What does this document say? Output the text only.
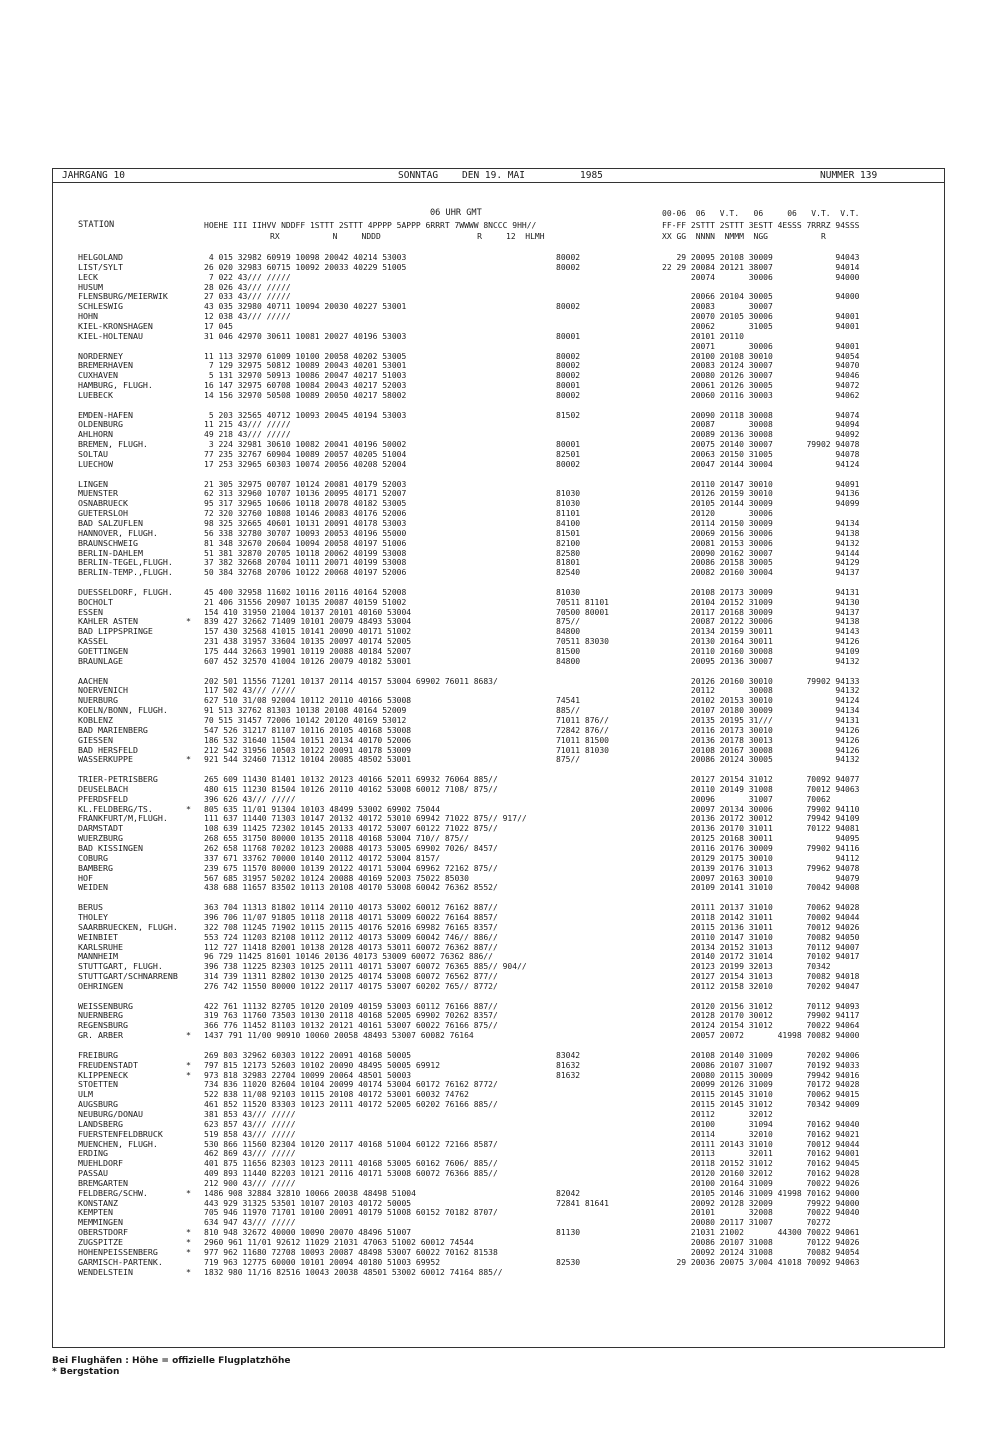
JAHRGANG 10	SONNTAG	DEN 19. MAI	1985	NUMMER 139
06 UHR GMT
STATION	HOEHE III IIHVV NDDFF 1STTT 2STTT 4PPPP 5APPP 6RRRT 7WWWW 8NCCC 9HH//
RX           N     NDDD                    R     12  HLMH
00-06  06   V.T.   06     06   V.T.  V.T.
FF-FF 2STTT 2STTT 3ESTT 4ESSS 7RRRZ 94SSS
XX GG  NNNN  NMMM  NGG           R
HELGOLAND	4 015 32982 60919 10098 20042 40214 53003	80002	29 20095 20108 30009             94043
LIST/SYLT	26 020 32983 60715 10092 20033 40229 51005	80002	22 29 20084 20121 38007             94014
LECK	7 022 43/// /////	20074       30006             94000
HUSUM	28 026 43/// /////
FLENSBURG/MEIERWIK	27 033 43/// /////	20066 20104 30005             94000
SCHLESWIG	43 035 32980 40711 10094 20030 40227 53001	80002	20083       30007
HOHN	12 038 43/// /////	20070 20105 30006             94001
KIEL-KRONSHAGEN	17 045	20062       31005             94001
KIEL-HOLTENAU	31 046 42970 30611 10081 20027 40196 53003	80001	20101 20110
20071       30006             94001
NORDERNEY	11 113 32970 61009 10100 20058 40202 53005	80002	20100 20108 30010             94054
BREMERHAVEN	7 129 32975 50812 10089 20043 40201 53001	80002	20083 20124 30007             94070
CUXHAVEN	5 131 32970 50913 10086 20047 40217 51003	80002	20080 20126 30007             94046
HAMBURG, FLUGH.	16 147 32975 60708 10084 20043 40217 52003	80001	20061 20126 30005             94072
LUEBECK	14 156 32970 50508 10089 20050 40217 58002	80002	20060 20116 30003             94062
EMDEN-HAFEN	5 203 32565 40712 10093 20045 40194 53003	81502	20090 20118 30008             94074
OLDENBURG	11 215 43/// /////	20087       30008             94094
AHLHORN	49 218 43/// /////	20089 20136 30008             94092
BREMEN, FLUGH.	3 224 32981 30610 10082 20041 40196 50002	80001	20075 20140 30007       79902 94078
SOLTAU	77 235 32767 60904 10089 20057 40205 51004	82501	20063 20150 31005             94078
LUECHOW	17 253 32965 60303 10074 20056 40208 52004	80002	20047 20144 30004             94124
LINGEN	21 305 32975 00707 10124 20081 40179 52003	20110 20147 30010             94091
MUENSTER	62 313 32960 10707 10136 20095 40171 52007	81030	20126 20159 30010             94136
OSNABRUECK	95 317 32965 10606 10118 20078 40182 53005	81030	20105 20144 30009             94099
GUETERSLOH	72 320 32760 10808 10146 20083 40176 52006	81101	20120       30006
BAD SALZUFLEN	98 325 32665 40601 10131 20091 40178 53003	84100	20114 20150 30009             94134
HANNOVER, FLUGH.	56 338 32780 30707 10093 20053 40196 55000	81501	20069 20156 30006             94138
BRAUNSCHWEIG	81 348 32670 20604 10094 20058 40197 51006	82100	20081 20153 30006             94132
BERLIN-DAHLEM	51 381 32870 20705 10118 20062 40199 53008	82580	20090 20162 30007             94144
BERLIN-TEGEL,FLUGH.	37 382 32668 20704 10111 20071 40199 53008	81801	20086 20158 30005             94129
BERLIN-TEMP.,FLUGH.	50 384 32768 20706 10122 20068 40197 52006	82540	20082 20160 30004             94137
DUESSELDORF, FLUGH.	45 400 32958 11602 10116 20116 40164 52008	81030	20108 20173 30009             94131
BOCHOLT	21 406 31556 20907 10135 20087 40159 51002	70511 81101	20104 20152 31009             94130
ESSEN	154 410 31950 21004 10137 20101 40160 53004	70500 80001	20117 20168 30009             94137
KAHLER ASTEN	* 839 427 32662 71409 10101 20079 48493 53004	875//	20087 20122 30006             94138
BAD LIPPSPRINGE	157 430 32568 41015 10141 20090 40171 51002	84800	20134 20159 30011             94143
KASSEL	231 438 31957 33604 10135 20097 40174 52005	70511 83030	20130 20164 30011             94126
GOETTINGEN	175 444 32663 19901 10119 20088 40184 52007	81500	20110 20160 30008             94109
BRAUNLAGE	607 452 32570 41004 10126 20079 40182 53001	84800	20095 20136 30007             94132
AACHEN	202 501 11556 71201 10137 20114 40157 53004 69902 76011 8683/	20126 20160 30010       79902 94133
NOERVENICH	117 502 43/// /////	20112       30008             94132
NUERBURG	627 510 31/08 92004 10112 20110 40166 53008	74541	20102 20153 30010             94124
KOELN/BONN, FLUGH.	91 513 32762 81303 10138 20108 40164 52009	885//	20107 20180 30009             94134
KOBLENZ	70 515 31457 72006 10142 20120 40169 53012	71011 876//	20135 20195 31///             94131
BAD MARIENBERG	547 526 31217 81107 10116 20105 40168 53008	72842 876//	20116 20173 30010             94126
GIESSEN	186 532 31640 11504 10151 20134 40170 52006	71011 81500	20136 20178 30013             94126
BAD HERSFELD	212 542 31956 10503 10122 20091 40178 53009	71011 81030	20108 20167 30008             94126
WASSERKUPPE	* 921 544 32460 71312 10104 20085 48502 53001	875//	20086 20124 30005             94132
TRIER-PETRISBERG	265 609 11430 81401 10132 20123 40166 52011 69932 76064 885//	20127 20154 31012       70092 94077
DEUSELBACH	480 615 11230 81504 10126 20110 40162 53008 60012 7108/ 875//	20110 20149 31008       70012 94063
PFERDSFELD	396 626 43/// /////	20096       31007       70062
KL.FELDBERG/TS.	* 805 635 11/01 91304 10103 48499 53002 69902 75044	20097 20134 30006       79902 94110
FRANKFURT/M,FLUGH.	111 637 11440 71303 10147 20132 40172 53010 69942 71022 875// 917//	20136 20172 30012       79942 94109
DARMSTADT	108 639 11425 72302 10145 20133 40172 53007 60122 71022 875//	20136 20170 31011       70122 94081
WUERZBURG	268 655 31750 80000 10135 20118 40168 53004 710// 875//	20125 20168 30011             94095
BAD KISSINGEN	262 658 11768 70202 10123 20088 40173 53005 69902 7026/ 8457/	20116 20176 30009       79902 94116
COBURG	337 671 33762 70000 10140 20112 40172 53004 8157/	20129 20175 30010             94112
BAMBERG	239 675 11570 80000 10139 20122 40171 53004 69962 72162 875//	20139 20176 31013       79962 94078
HOF	567 685 31957 50202 10124 20088 40169 52003 75022 85030	20097 20163 30010             94079
WEIDEN	438 688 11657 83502 10113 20108 40170 53008 60042 76362 8552/	20109 20141 31010       70042 94008
BERUS	363 704 11313 81802 10114 20110 40173 53002 60012 76162 887//	20111 20137 31010       70062 94028
THOLEY	396 706 11/07 91805 10118 20118 40171 53009 60022 76164 8857/	20118 20142 31011       70002 94044
SAARBRUECKEN, FLUGH.	322 708 11245 71902 10115 20115 40176 52016 69982 76165 8357/	20115 20136 31011       70012 94026
WEINBIET	553 724 11203 82108 10112 20112 40173 53009 60042 746// 886//	20110 20147 31010       70082 94050
KARLSRUHE	112 727 11418 82001 10138 20128 40173 53011 60072 76362 887//	20134 20152 31013       70112 94007
MANNHEIM	96 729 11425 81601 10146 20136 40173 53009 60072 76362 886//	20140 20172 31014       70102 94017
STUTTGART, FLUGH.	396 738 11225 82303 10125 20111 40171 53007 60072 76365 885// 904//	20123 20199 32013       70342
STUTTGART/SCHNARRENB	314 739 11311 82802 10130 20125 40174 53008 60072 76562 877//	20127 20154 31013       70082 94018
OEHRINGEN	276 742 11550 80000 10122 20117 40175 53007 60202 765// 8772/	20112 20158 32010       70202 94047
WEISSENBURG	422 761 11132 82705 10120 20109 40159 53003 60112 76166 887//	20120 20156 31012       70112 94093
NUERNBERG	319 763 11760 73503 10130 20118 40168 52005 69902 70262 8357/	20128 20170 30012       79902 94117
REGENSBURG	366 776 11452 81103 10132 20121 40161 53007 60022 76166 875//	20124 20154 31012       70022 94064
GR. ARBER	* 1437 791 11/00 90910 10060 20058 48493 53007 60082 76164	20057 20072       41998 70082 94000
FREIBURG	269 803 32962 60303 10122 20091 40168 50005	83042	20108 20140 31009       70202 94006
FREUDENSTADT	* 797 815 12173 52603 10102 20090 48495 50005 69912	81632	20086 20107 31007       70192 94033
KLIPPENECK	* 973 818 32983 22704 10099 20064 48501 50003	81632	20080 20115 30009       79942 94016
STOETTEN	734 836 11020 82604 10104 20099 40174 53004 60172 76162 8772/	20099 20126 31009       70172 94028
ULM	522 838 11/08 92103 10115 20108 40172 53001 60032 74762	20115 20145 31010       70062 94015
AUGSBURG	461 852 11520 83303 10123 20111 40172 52005 60202 76166 885//	20115 20145 31012       70342 94009
NEUBURG/DONAU	381 853 43/// /////	20112       32012
LANDSBERG	623 857 43/// /////	20100       31094       70162 94040
FUERSTENFELDBRUCK	519 858 43/// /////	20114       32010       70162 94021
MUENCHEN, FLUGH.	530 866 11560 82304 10120 20117 40168 51004 60122 72166 8587/	20111 20143 31010       70012 94044
ERDING	462 869 43/// /////	20113       32011       70162 94001
MUEHLDORF	401 875 11656 82303 10123 20111 40168 53005 60162 7606/ 885//	20118 20152 31012       70162 94045
PASSAU	409 893 11440 82203 10121 20116 40171 53008 60072 76366 885//	20120 20160 32012       70162 94028
BREMGARTEN	212 900 43/// /////	20100 20164 31009       70022 94026
FELDBERG/SCHW.	* 1486 908 32884 32810 10066 20038 48498 51004	82042	20105 20146 31009 41998 70162 94000
KONSTANZ	443 929 31325 53501 10107 20103 40172 50005	72841 81641	20092 20128 32009       79922 94000
KEMPTEN	705 946 11970 71701 10100 20091 40179 51008 60152 70182 8707/	20101       32008       70022 94040
MEMMINGEN	634 947 43/// /////	20080 20117 31007       70272
OBERSTDORF	* 810 948 32672 40000 10090 20070 48496 51007	81130	21031 21002       44300 70022 94061
ZUGSPITZE	* 2960 961 11/01 92612 11029 21031 47063 51002 60012 74544	20086 20107 31008       70122 94026
HOHENPEISSENBERG	* 977 962 11680 72708 10093 20087 48498 53007 60022 70162 81538	20092 20124 31008       70082 94054
GARMISCH-PARTENK.	719 963 12775 60000 10101 20094 40180 51003 69952	82530	29 20036 20075 3/004 41018 70092 94063
WENDELSTEIN	* 1832 980 11/16 82516 10043 20038 48501 53002 60012 74164 885//
Bei Flughäfen : Höhe = offizielle Flugplatzhöhe
* Bergstation
